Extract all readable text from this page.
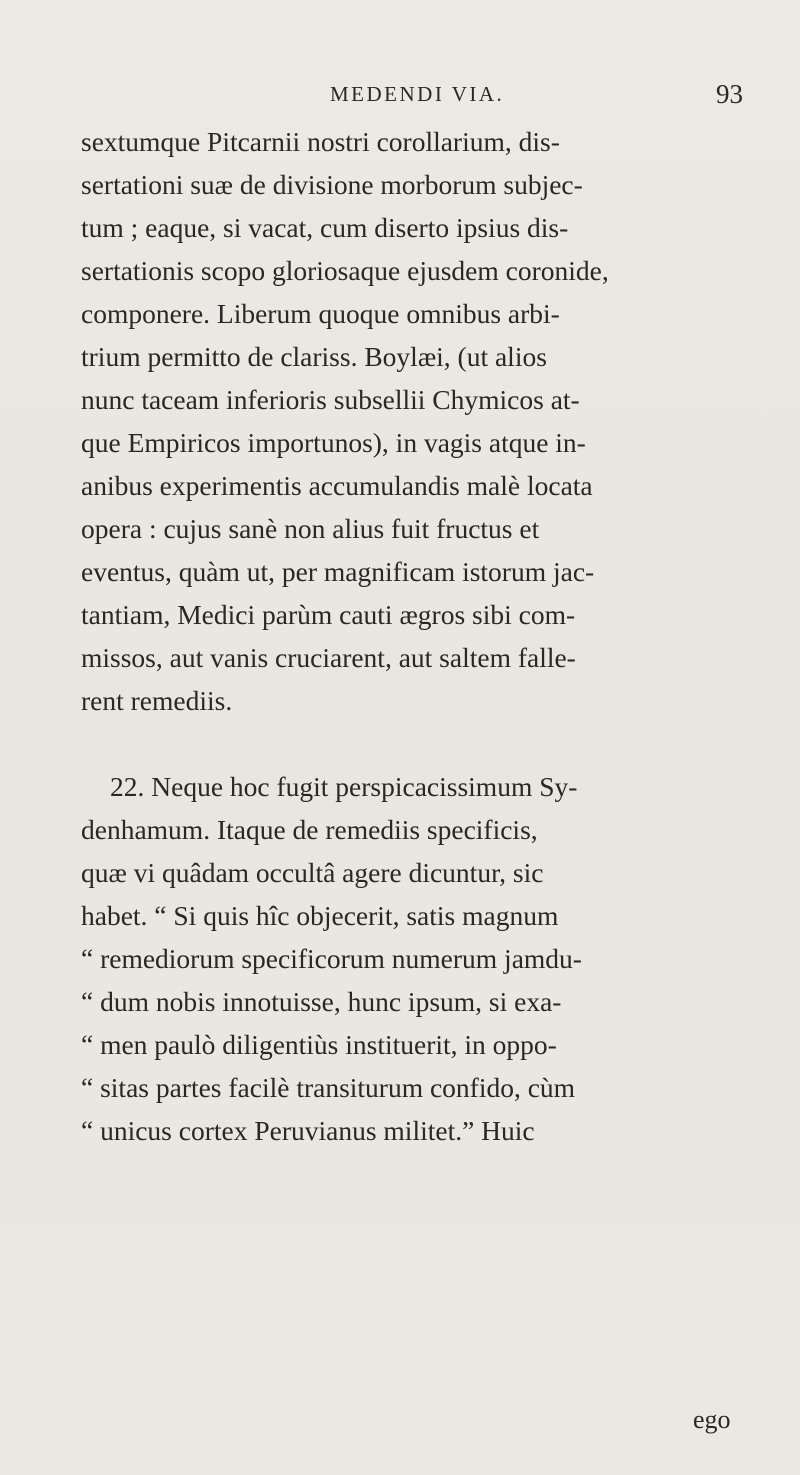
MEDENDI VIA.	93
sextumque Pitcarnii nostri corollarium, dis-
sertationi suæ de divisione morborum subjec-
tum ; eaque, si vacat, cum diserto ipsius dis-
sertationis scopo gloriosaque ejusdem coronide,
componere. Liberum quoque omnibus arbi-
trium permitto de clariss. Boylæi, (ut alios
nunc taceam inferioris subsellii Chymicos at-
que Empiricos importunos), in vagis atque in-
anibus experimentis accumulandis malè locata
opera : cujus sanè non alius fuit fructus et
eventus, quàm ut, per magnificam istorum jac-
tantiam, Medici parùm cauti ægros sibi com-
missos, aut vanis cruciarent, aut saltem falle-
rent remediis.
22. Neque hoc fugit perspicacissimum Sy-
denhamum. Itaque de remediis specificis,
quæ vi quâdam occultâ agere dicuntur, sic
habet. “ Si quis hîc objecerit, satis magnum
“ remediorum specificorum numerum jamdu-
“ dum nobis innotuisse, hunc ipsum, si exa-
“ men paulò diligentiùs instituerit, in oppo-
“ sitas partes facilè transiturum confido, cùm
“ unicus cortex Peruvianus militet.” Huic
ego
